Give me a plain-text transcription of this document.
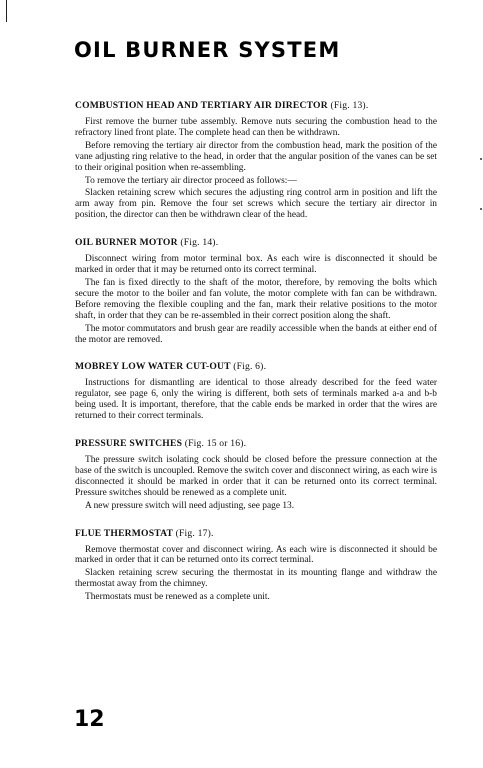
OIL BURNER SYSTEM
COMBUSTION HEAD AND TERTIARY AIR DIRECTOR (Fig. 13).

First remove the burner tube assembly. Remove nuts securing the combustion head to the refractory lined front plate. The complete head can then be withdrawn.

Before removing the tertiary air director from the combustion head, mark the position of the vane adjusting ring relative to the head, in order that the angular position of the vanes can be set to their original position when re-assembling.

To remove the tertiary air director proceed as follows:—

Slacken retaining screw which secures the adjusting ring control arm in position and lift the arm away from pin. Remove the four set screws which secure the tertiary air director in position, the director can then be withdrawn clear of the head.

OIL BURNER MOTOR (Fig. 14).

Disconnect wiring from motor terminal box. As each wire is disconnected it should be marked in order that it may be returned onto its correct terminal.

The fan is fixed directly to the shaft of the motor, therefore, by removing the bolts which secure the motor to the boiler and fan volute, the motor complete with fan can be withdrawn. Before removing the flexible coupling and the fan, mark their relative positions to the motor shaft, in order that they can be re-assembled in their correct position along the shaft.

The motor commutators and brush gear are readily accessible when the bands at either end of the motor are removed.

MOBREY LOW WATER CUT-OUT (Fig. 6).

Instructions for dismantling are identical to those already described for the feed water regulator, see page 6, only the wiring is different, both sets of terminals marked a-a and b-b being used. It is important, therefore, that the cable ends be marked in order that the wires are returned to their correct terminals.

PRESSURE SWITCHES (Fig. 15 or 16).

The pressure switch isolating cock should be closed before the pressure connection at the base of the switch is uncoupled. Remove the switch cover and disconnect wiring, as each wire is disconnected it should be marked in order that it can be returned onto its correct terminal. Pressure switches should be renewed as a complete unit.

A new pressure switch will need adjusting, see page 13.

FLUE THERMOSTAT (Fig. 17).

Remove thermostat cover and disconnect wiring. As each wire is disconnected it should be marked in order that it can be returned onto its correct terminal.

Slacken retaining screw securing the thermostat in its mounting flange and withdraw the thermostat away from the chimney.

Thermostats must be renewed as a complete unit.

12
